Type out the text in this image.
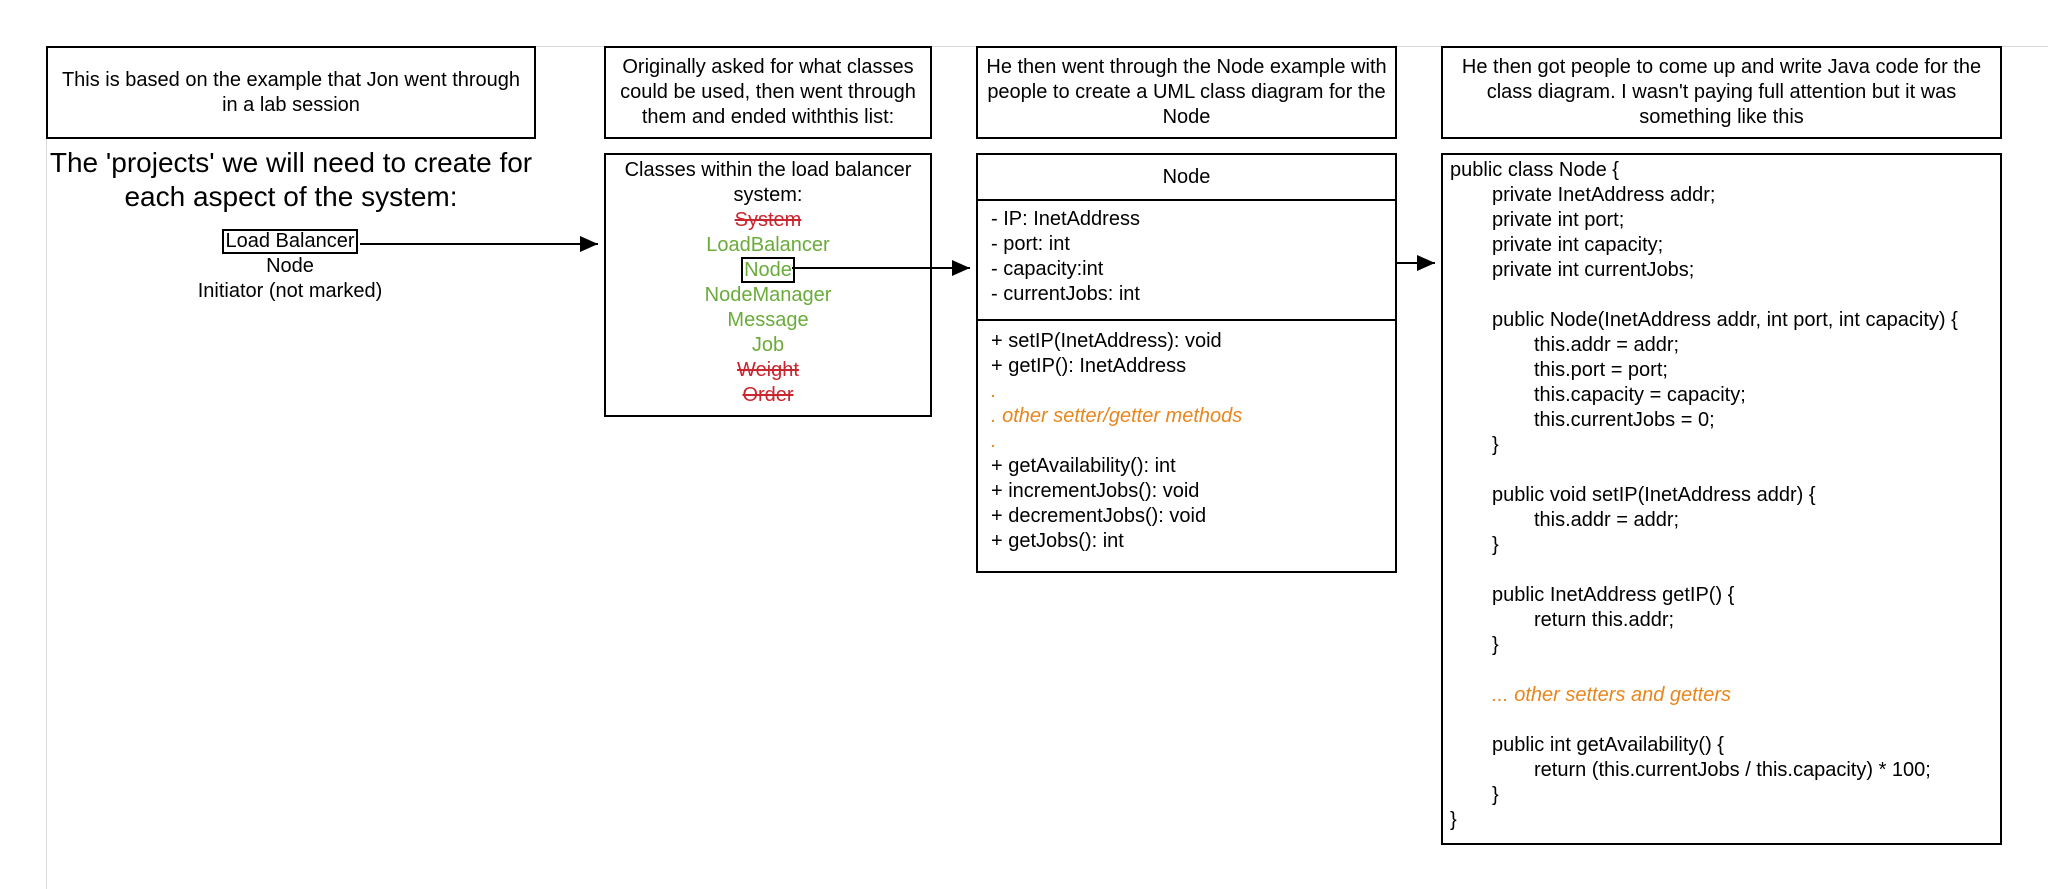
This is based on the example that Jon went through in a lab session
Originally asked for what classes could be used, then went through them and ended withthis list:
He then went through the Node example with people to create a UML class diagram for the Node
He then got people to come up and write Java code for the class diagram. I wasn't paying full attention but it was something like this
The 'projects' we will need to create for each aspect of the system:
Load Balancer
Node
Initiator (not marked)
Classes within the load balancer system:
System
LoadBalancer
Node
NodeManager
Message
Job
Weight
Order
Node
- IP: InetAddress
- port: int
- capacity:int
- currentJobs: int
+ setIP(InetAddress): void
+ getIP(): InetAddress
.
. other setter/getter methods
.
+ getAvailability(): int
+ incrementJobs(): void
+ decrementJobs(): void
+ getJobs(): int
public class Node {
private InetAddress addr;
private int port;
private int capacity;
private int currentJobs;
public Node(InetAddress addr, int port, int capacity) {
this.addr = addr;
this.port = port;
this.capacity = capacity;
this.currentJobs = 0;
}
public void setIP(InetAddress addr) {
this.addr = addr;
}
public InetAddress getIP() {
return this.addr;
}
... other setters and getters
public int getAvailability() {
return (this.currentJobs / this.capacity) * 100;
}
}
